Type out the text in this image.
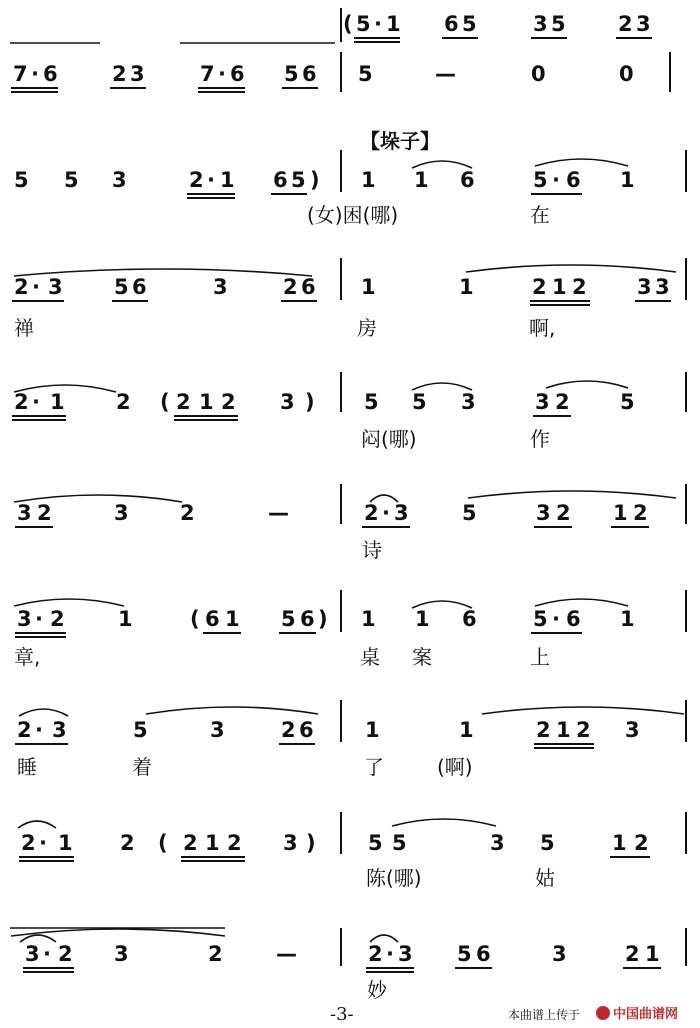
【垛子】
( 5 · 1 6 5	3 5 2 3
7 · 6	2 3	7 · 6 5 6 5	—	0	0
5 5 3	2 · 1 6 5 ) 1 1 6	5 · 6 1
(女)困(哪)	在
2 · 3 5 6	3	2 6 1	1	2 1 2 3 3
禅	房	啊,
2 · 1 2 ( 2 1 2 3 ) 5 5 3	3 2 5
闷(哪)	作
3 2	3 2	—	2 · 3	5	3 2 1 2
诗
3 · 2	1	( 6 1 5 6 ) 1 1 6	5 · 6 1
章,	桌 案	上
2 · 3	5	3	2 6 1	1	2 1 2 3
睡	着	了	(啊)
2 · 1 2 ( 2 1 2 3 ) 5 5	3 5	1 2
陈(哪)	姑
3 · 2 3	2	—	2 · 3 5 6	3	2 1
妙
-3-	本曲谱上传于	中国曲谱网
